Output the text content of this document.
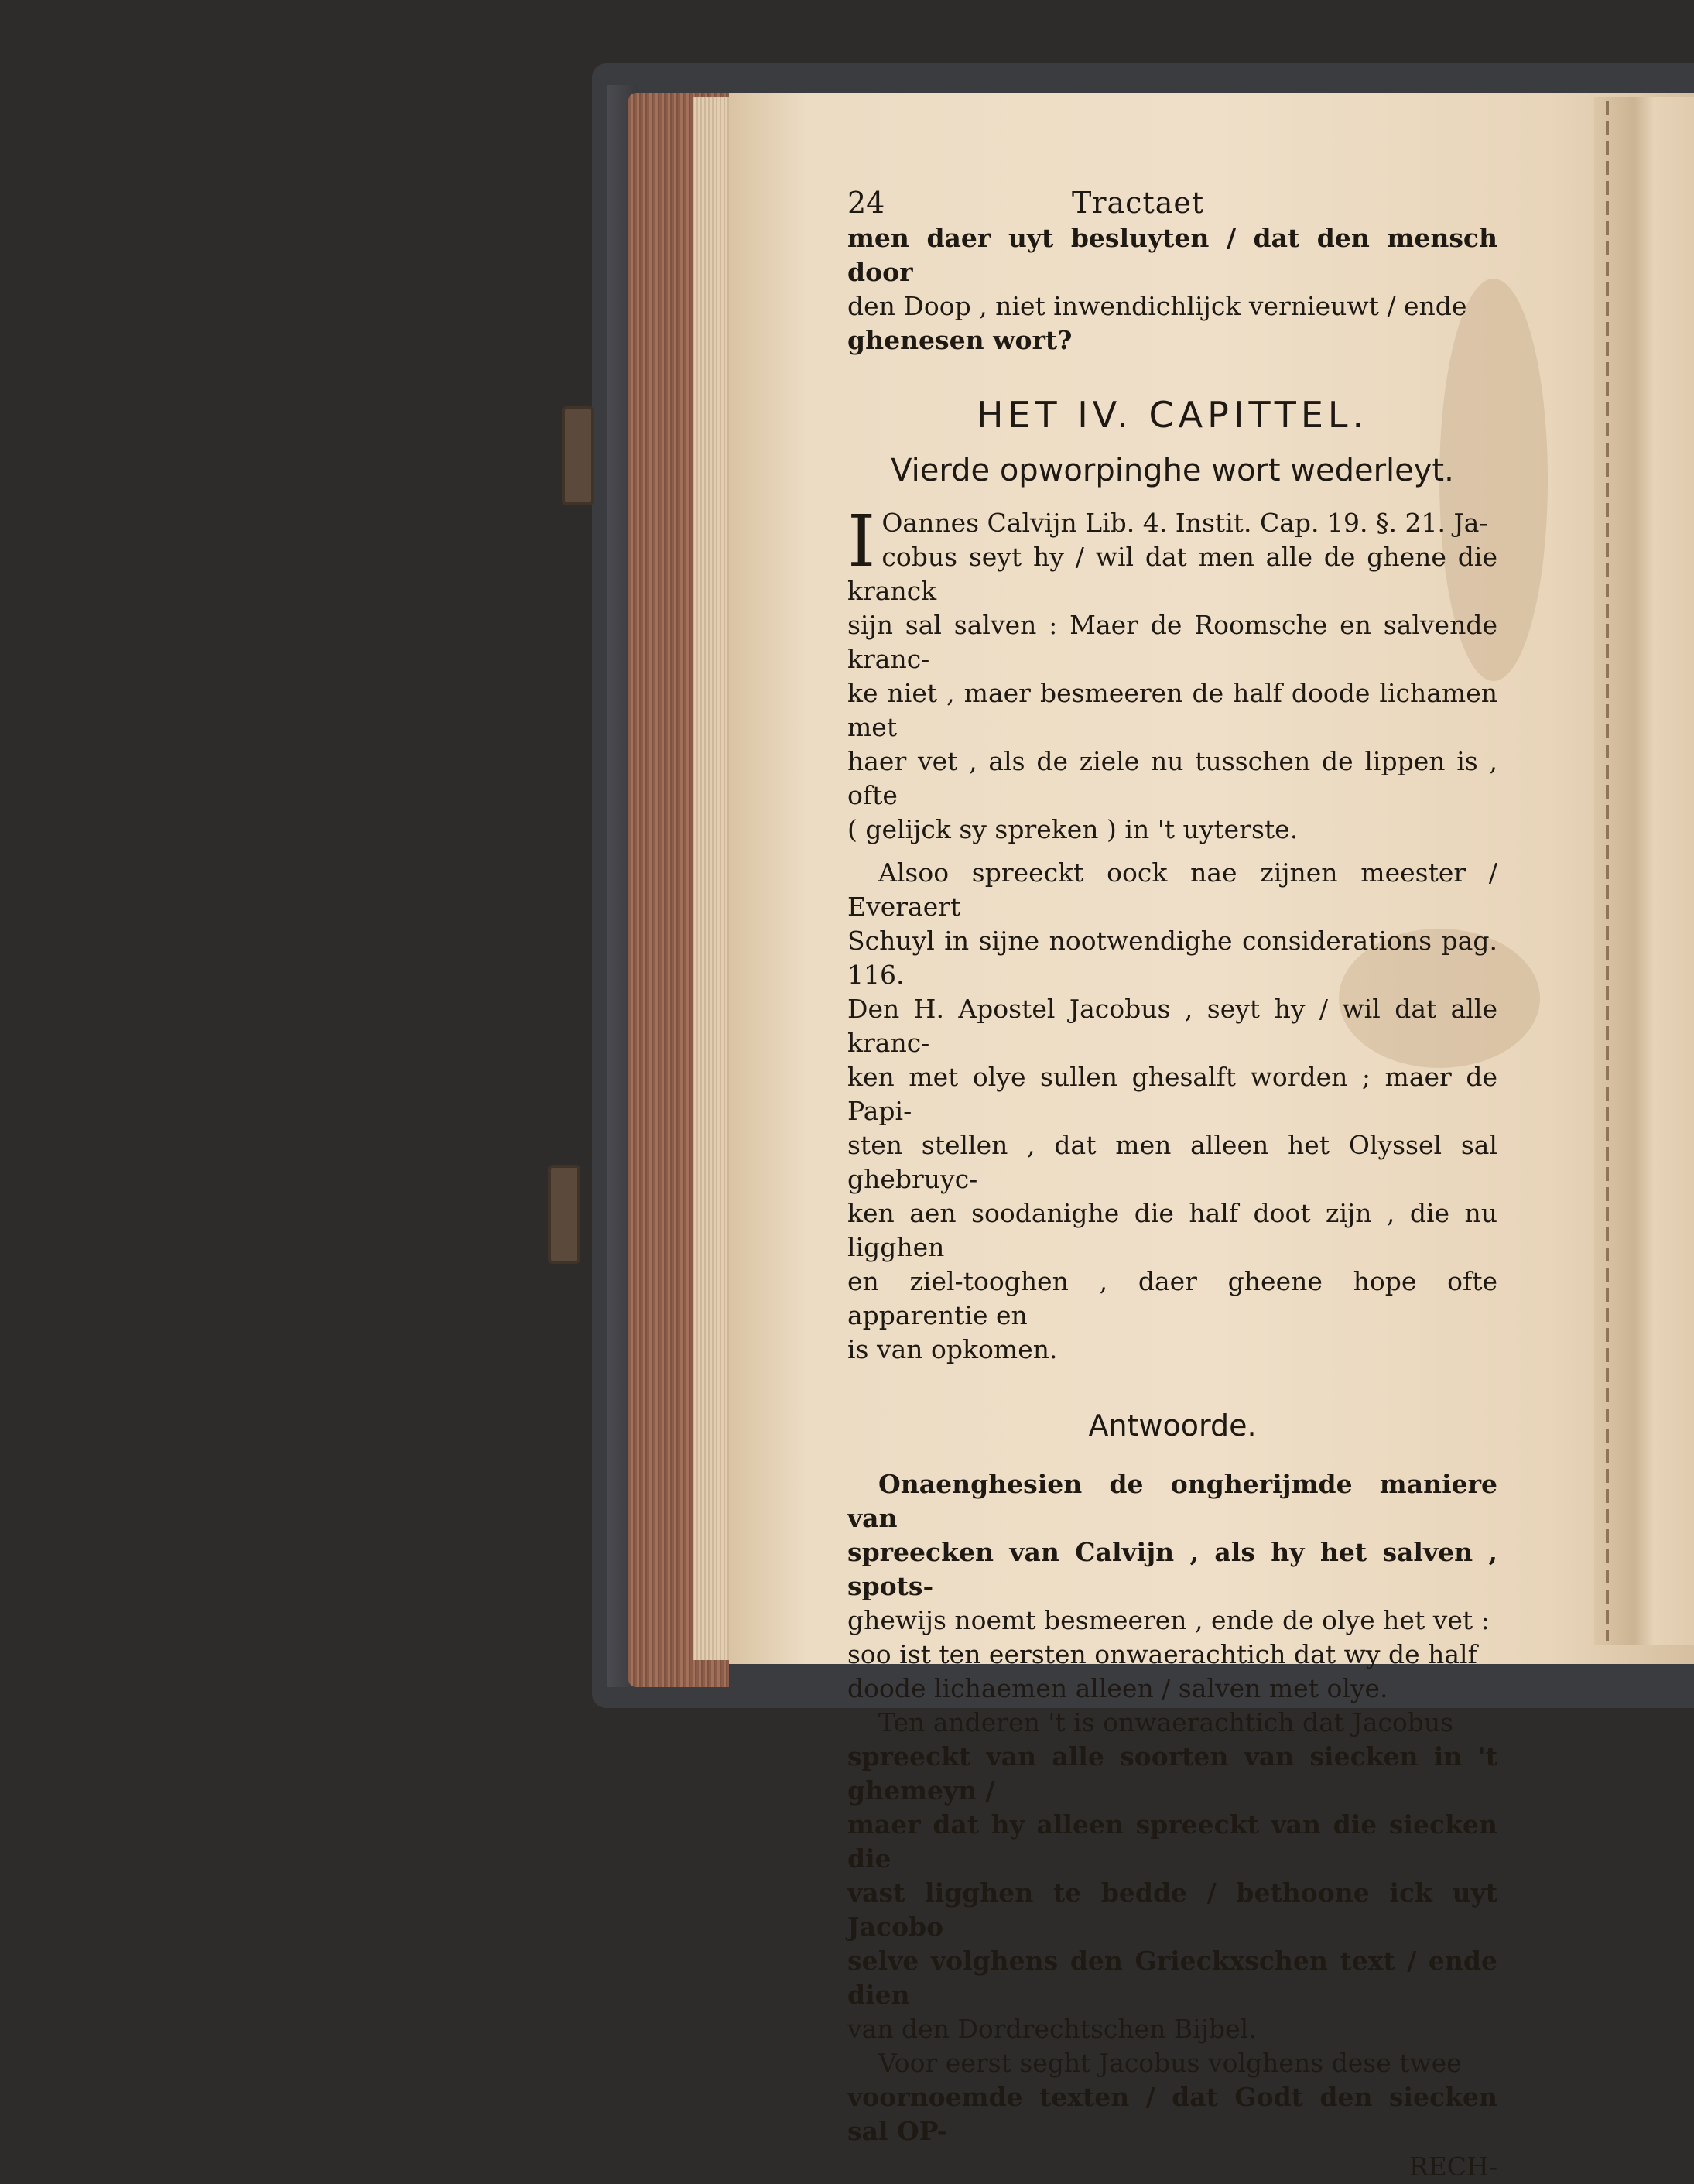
24	Tractaet

men daer uyt besluyten / dat den mensch door

den Doop , niet inwendichlijck vernieuwt / ende

ghenesen wort?

HET IV. CAPITTEL.
Vierde opworpinghe wort wederleyt.
I Oannes Calvijn Lib. 4. Instit. Cap. 19. §. 21. Ja-

cobus seyt hy / wil dat men alle de ghene die kranck

sijn sal salven : Maer de Roomsche en salvende kranc-

ke niet , maer besmeeren de half doode lichamen met

haer vet , als de ziele nu tusschen de lippen is , ofte

( gelijck sy spreken ) in 't uyterste.

Alsoo spreeckt oock nae zijnen meester / Everaert

Schuyl in sijne nootwendighe considerations pag. 116.

Den H. Apostel Jacobus , seyt hy / wil dat alle kranc-

ken met olye sullen ghesalft worden ; maer de Papi-

sten stellen , dat men alleen het Olyssel sal ghebruyc-

ken aen soodanighe die half doot zijn , die nu ligghen

en ziel-tooghen , daer gheene hope ofte apparentie en

is van opkomen.

Antwoorde.

Onaenghesien de ongherijmde maniere van

spreecken van Calvijn , als hy het salven , spots-

ghewijs noemt besmeeren , ende de olye het vet :

soo ist ten eersten onwaerachtich dat wy de half

doode lichaemen alleen / salven met olye.

Ten anderen 't is onwaerachtich dat Jacobus

spreeckt van alle soorten van siecken in 't ghemeyn /

maer dat hy alleen spreeckt van die siecken die

vast ligghen te bedde / bethoone ick uyt Jacobo

selve volghens den Grieckxschen text / ende dien

van den Dordrechtschen Bijbel.

Voor eerst seght Jacobus volghens dese twee

voornoemde texten / dat Godt den siecken sal OP-

RECH-
